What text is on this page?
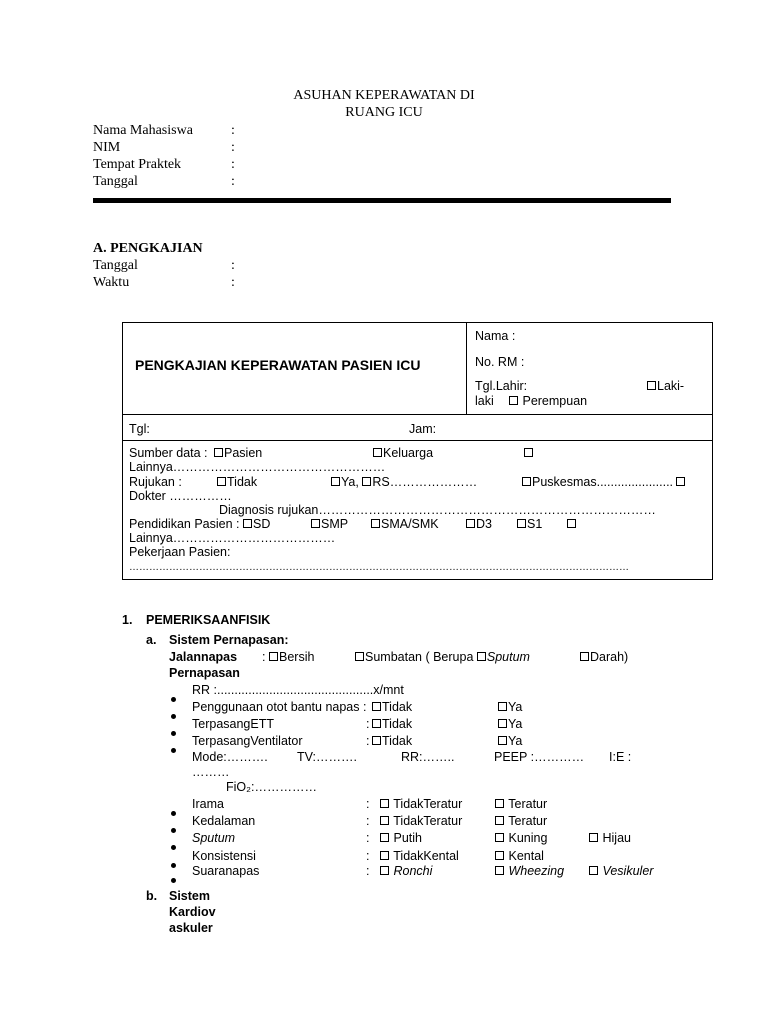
ASUHAN KEPERAWATAN DI
RUANG ICU
Nama Mahasiswa	:
NIM	:
Tempat Praktek	:
Tanggal	:
A. PENGKAJIAN
Tanggal	:
Waktu	:
PENGKAJIAN KEPERAWATAN PASIEN ICU
Nama :
No. RM :
Tgl.Lahir:	Laki-
laki	Perempuan
Tgl:	Jam:
Sumber data :	Pasien	Keluarga
Lainnya……………………………………………
Rujukan :	Tidak	Ya, RS…………………	Puskesmas......................
Dokter ……………
Diagnosis rujukan………………………………………………………………………
Pendidikan Pasien :	SD	SMP	SMA/SMK	D3	S1
Lainnya…………………………………
Pekerjaan Pasien:
……………………………………………………………………………………………………………………………………
1. PEMERIKSAANFISIK
a. Sistem Pernapasan:
Jalannapas :	Bersih	Sumbatan ( Berupa Sputum	Darah)
Pernapasan
RR :.............................................x/mnt
Penggunaan otot bantu napas :	Tidak	Ya
TerpasangETT	:	Tidak	Ya
TerpasangVentilator	:	Tidak	Ya
Mode:………. TV:……….	RR:……..	PEEP :………… I:E :
………
FiO₂:……………
Irama	:	TidakTeratur	Teratur
Kedalaman	:	TidakTeratur	Teratur
Sputum	:	Putih	Kuning	Hijau
Konsistensi	:	TidakKental	Kental
Suaranapas	:	Ronchi	Wheezing	Vesikuler
b. Sistem
Kardiov
askuler
